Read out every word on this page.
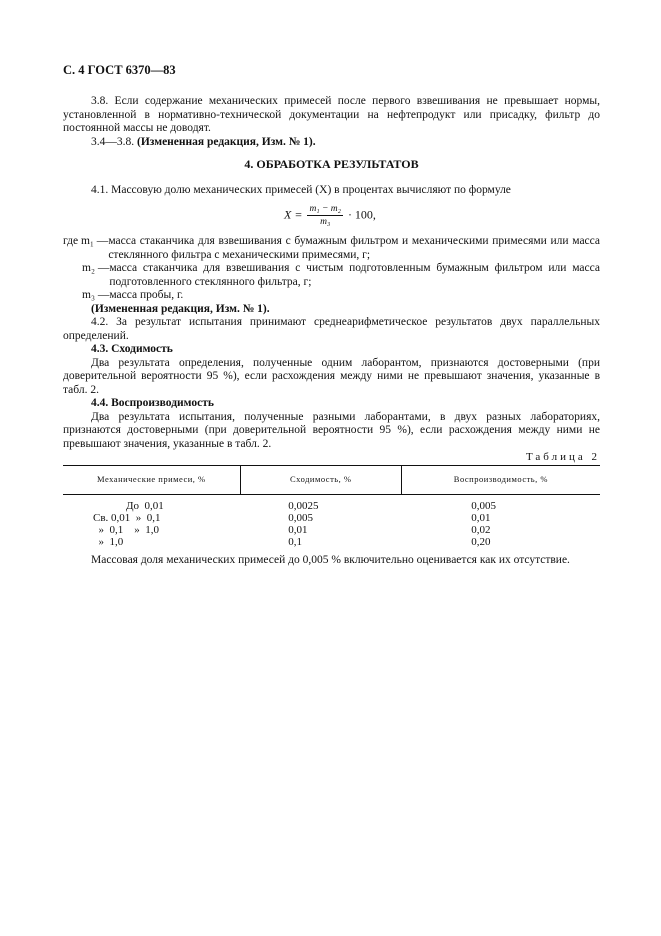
С. 4 ГОСТ 6370—83

3.8. Если содержание механических примесей после первого взвешивания не превышает нормы, установленной в нормативно-технической документации на нефтепродукт или присадку, фильтр до постоянной массы не доводят.

3.4—3.8. (Измененная редакция, Изм. № 1).

4. ОБРАБОТКА РЕЗУЛЬТАТОВ

4.1. Массовую долю механических примесей (X) в процентах вычисляют по формуле

$X = \frac{\text{m₁ − m₂}}{\text{m₃}} \cdot 100$,
где m₁ — масса стаканчика для взвешивания с бумажным фильтром и механическими примесями или масса стеклянного фильтра с механическими примесями, г;
m₂ — масса стаканчика для взвешивания с чистым подготовленным бумажным фильтром или масса подготовленного стеклянного фильтра, г;
m₃ — масса пробы, г.

(Измененная редакция, Изм. № 1).

4.2. За результат испытания принимают среднеарифметическое результатов двух параллельных определений.

4.3. Сходимость

Два результата определения, полученные одним лаборантом, признаются достоверными (при доверительной вероятности 95 %), если расхождения между ними не превышают значения, указанные в табл. 2.

4.4. Воспроизводимость

Два результата испытания, полученные разными лаборантами, в двух разных лабораториях, признаются достоверными (при доверительной вероятности 95 %), если расхождения между ними не превышают значения, указанные в табл. 2.

Таблица 2
Механические примеси, %	Сходимость, %	Воспроизводимость, %
До  0,01	0,0025	0,005
Св. 0,01  »  0,1	0,005	0,01
»  0,1    »  1,0	0,01	0,02
»  1,0	0,1	0,20

Массовая доля механических примесей до 0,005 % включительно оценивается как их отсутствие.
